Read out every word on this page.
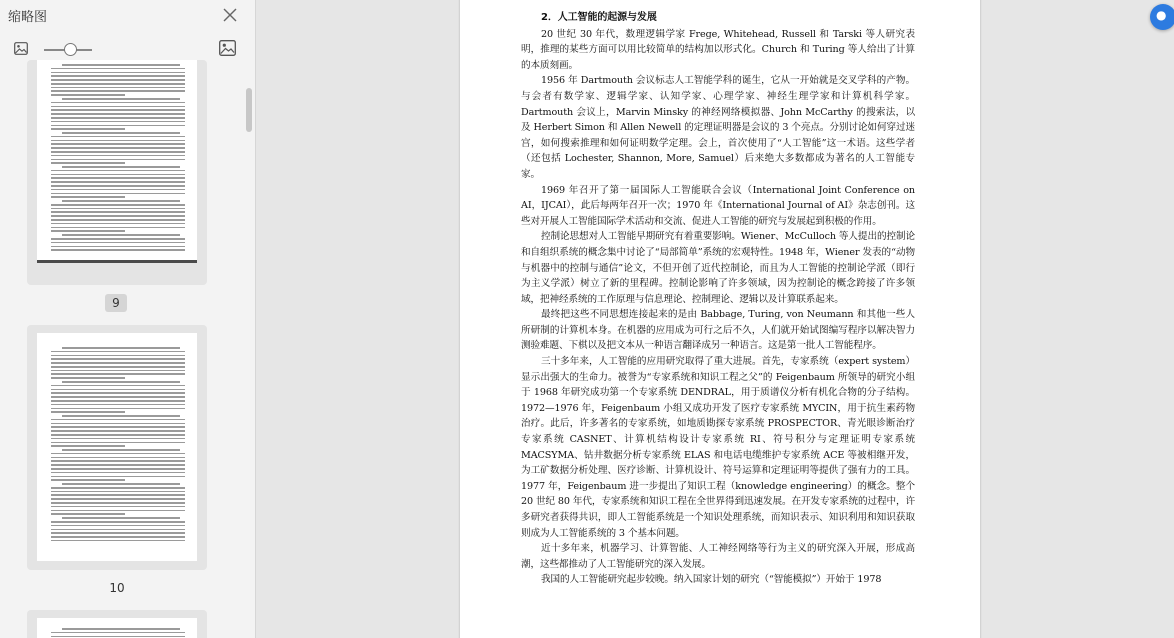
缩略图
9
10
2．人工智能的起源与发展

20 世纪 30 年代，数理逻辑学家 Frege, Whitehead, Russell 和 Tarski 等人研究表明，推理的某些方面可以用比较简单的结构加以形式化。Church 和 Turing 等人给出了计算的本质刻画。

1956 年 Dartmouth 会议标志人工智能学科的诞生，它从一开始就是交叉学科的产物。与会者有数学家、逻辑学家、认知学家、心理学家、神经生理学家和计算机科学家。Dartmouth 会议上，Marvin Minsky 的神经网络模拟器、John McCarthy 的搜索法，以及 Herbert Simon 和 Allen Newell 的定理证明器是会议的 3 个亮点。分别讨论如何穿过迷宫，如何搜索推理和如何证明数学定理。会上，首次使用了“人工智能”这一术语。这些学者（还包括 Lochester, Shannon, More, Samuel）后来绝大多数都成为著名的人工智能专家。

1969 年召开了第一届国际人工智能联合会议（International Joint Conference on AI，IJCAI），此后每两年召开一次；1970 年《International Journal of AI》杂志创刊。这些对开展人工智能国际学术活动和交流、促进人工智能的研究与发展起到积极的作用。

控制论思想对人工智能早期研究有着重要影响。Wiener、McCulloch 等人提出的控制论和自组织系统的概念集中讨论了“局部简单”系统的宏观特性。1948 年，Wiener 发表的“动物与机器中的控制与通信”论文，不但开创了近代控制论，而且为人工智能的控制论学派（即行为主义学派）树立了新的里程碑。控制论影响了许多领域，因为控制论的概念跨接了许多领域，把神经系统的工作原理与信息理论、控制理论、逻辑以及计算联系起来。

最终把这些不同思想连接起来的是由 Babbage, Turing, von Neumann 和其他一些人所研制的计算机本身。在机器的应用成为可行之后不久，人们就开始试图编写程序以解决智力测验难题、下棋以及把文本从一种语言翻译成另一种语言。这是第一批人工智能程序。

三十多年来，人工智能的应用研究取得了重大进展。首先，专家系统（expert system）显示出强大的生命力。被誉为“专家系统和知识工程之父”的 Feigenbaum 所领导的研究小组于 1968 年研究成功第一个专家系统 DENDRAL，用于质谱仪分析有机化合物的分子结构。1972—1976 年，Feigenbaum 小组又成功开发了医疗专家系统 MYCIN，用于抗生素药物治疗。此后，许多著名的专家系统，如地质勘探专家系统 PROSPECTOR、青光眼诊断治疗专家系统 CASNET、计算机结构设计专家系统 RI、符号积分与定理证明专家系统 MACSYMA、钻井数据分析专家系统 ELAS 和电话电缆维护专家系统 ACE 等被相继开发，为工矿数据分析处理、医疗诊断、计算机设计、符号运算和定理证明等提供了强有力的工具。1977 年，Feigenbaum 进一步提出了知识工程（knowledge engineering）的概念。整个 20 世纪 80 年代，专家系统和知识工程在全世界得到迅速发展。在开发专家系统的过程中，许多研究者获得共识，即人工智能系统是一个知识处理系统，而知识表示、知识利用和知识获取则成为人工智能系统的 3 个基本问题。

近十多年来，机器学习、计算智能、人工神经网络等行为主义的研究深入开展，形成高潮，这些都推动了人工智能研究的深入发展。

我国的人工智能研究起步较晚。纳入国家计划的研究（“智能模拟”）开始于 1978

●
